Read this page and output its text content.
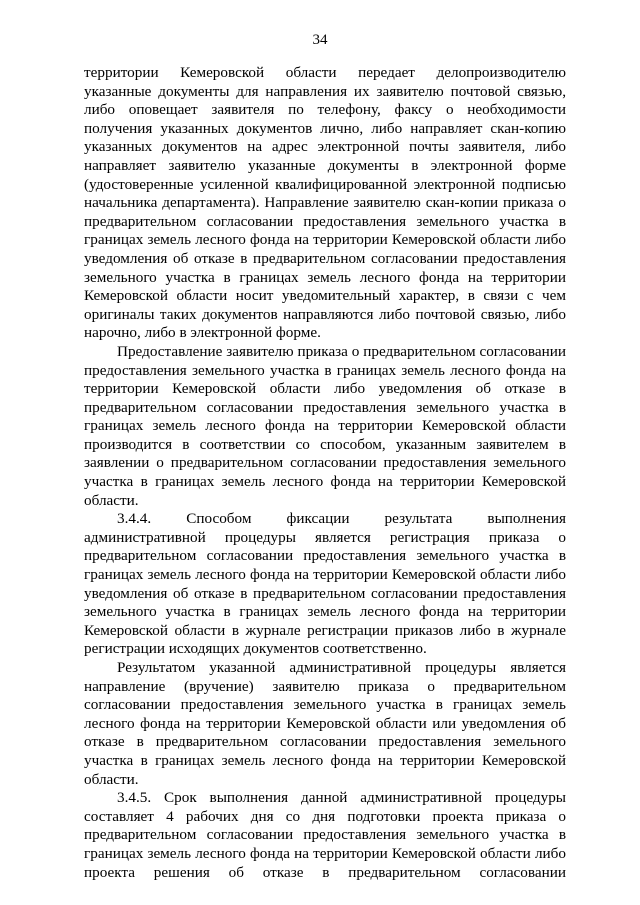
34

территории Кемеровской области передает делопроизводителю указанные документы для направления их заявителю почтовой связью, либо оповещает заявителя по телефону, факсу о необходимости получения указанных документов лично, либо направляет скан-копию указанных документов на адрес электронной почты заявителя, либо направляет заявителю указанные документы в электронной форме (удостоверенные усиленной квалифицированной электронной подписью начальника департамента). Направление заявителю скан-копии приказа о предварительном согласовании предоставления земельного участка в границах земель лесного фонда на территории Кемеровской области либо уведомления об отказе в предварительном согласовании предоставления земельного участка в границах земель лесного фонда на территории Кемеровской области носит уведомительный характер, в связи с чем оригиналы таких документов направляются либо почтовой связью, либо нарочно, либо в электронной форме.

Предоставление заявителю приказа о предварительном согласовании предоставления земельного участка в границах земель лесного фонда на территории Кемеровской области либо уведомления об отказе в предварительном согласовании предоставления земельного участка в границах земель лесного фонда на территории Кемеровской области производится в соответствии со способом, указанным заявителем в заявлении о предварительном согласовании предоставления земельного участка в границах земель лесного фонда на территории Кемеровской области.

3.4.4. Способом фиксации результата выполнения административной процедуры является регистрация приказа о предварительном согласовании предоставления земельного участка в границах земель лесного фонда на территории Кемеровской области либо уведомления об отказе в предварительном согласовании предоставления земельного участка в границах земель лесного фонда на территории Кемеровской области в журнале регистрации приказов либо в журнале регистрации исходящих документов соответственно.

Результатом указанной административной процедуры является направление (вручение) заявителю приказа о предварительном согласовании предоставления земельного участка в границах земель лесного фонда на территории Кемеровской области или уведомления об отказе в предварительном согласовании предоставления земельного участка в границах земель лесного фонда на территории Кемеровской области.

3.4.5. Срок выполнения данной административной процедуры составляет 4 рабочих дня со дня подготовки проекта приказа о предварительном согласовании предоставления земельного участка в границах земель лесного фонда на территории Кемеровской области либо проекта решения об отказе в предварительном согласовании
